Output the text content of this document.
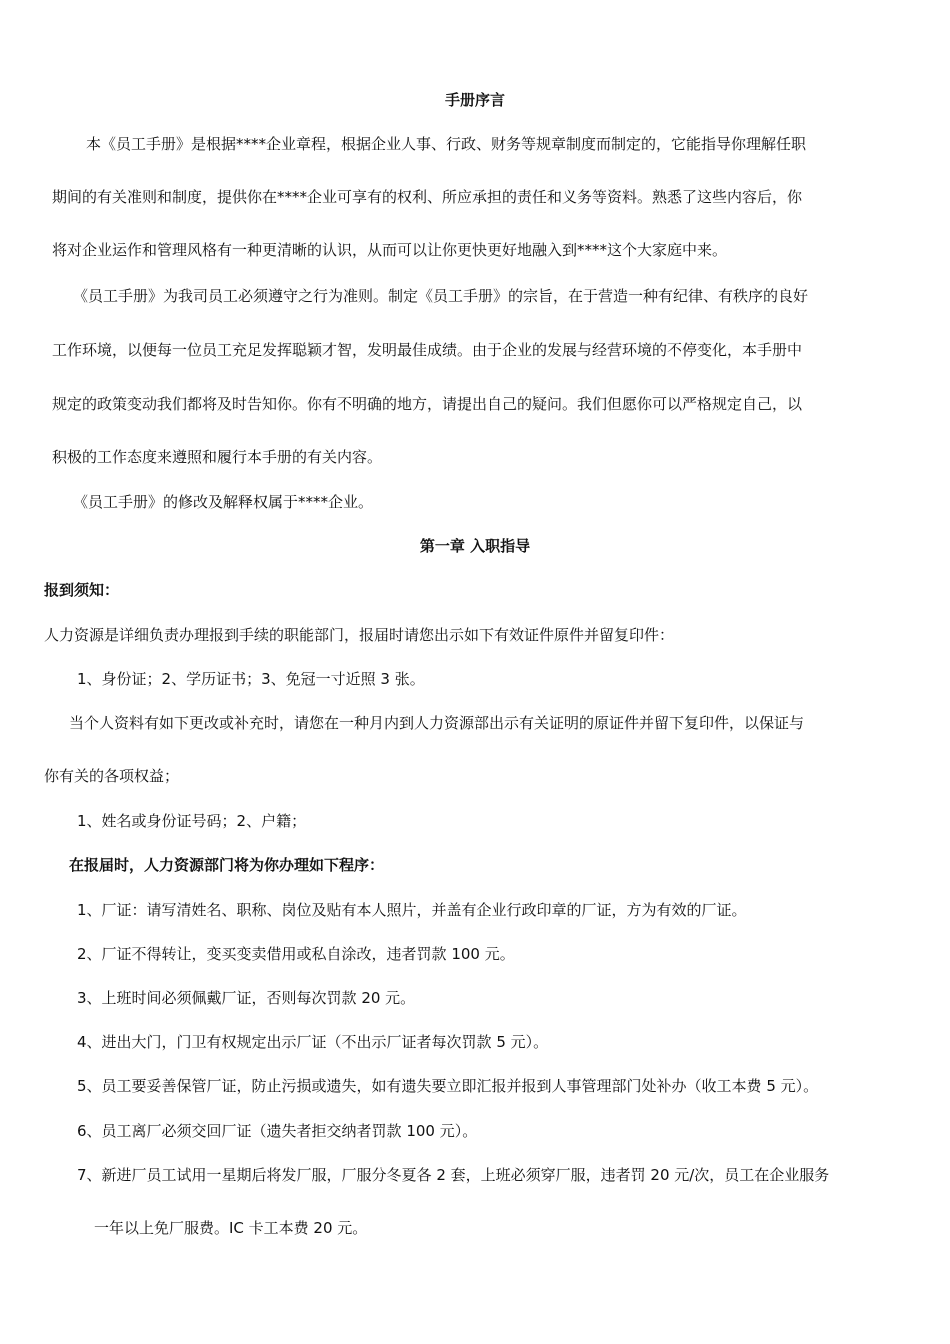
手册序言
本《员工手册》是根据****企业章程，根据企业人事、行政、财务等规章制度而制定的，它能指导你理解任职
期间的有关准则和制度，提供你在****企业可享有的权利、所应承担的责任和义务等资料。熟悉了这些内容后，你
将对企业运作和管理风格有一种更清晰的认识，从而可以让你更快更好地融入到****这个大家庭中来。
《员工手册》为我司员工必须遵守之行为准则。制定《员工手册》的宗旨，在于营造一种有纪律、有秩序的良好
工作环境，以便每一位员工充足发挥聪颖才智，发明最佳成绩。由于企业的发展与经营环境的不停变化，本手册中
规定的政策变动我们都将及时告知你。你有不明确的地方，请提出自己的疑问。我们但愿你可以严格规定自己，以
积极的工作态度来遵照和履行本手册的有关内容。
《员工手册》的修改及解释权属于****企业。
第一章 入职指导
报到须知：
人力资源是详细负责办理报到手续的职能部门，报届时请您出示如下有效证件原件并留复印件：
1、身份证；2、学历证书；3、免冠一寸近照 3 张。
当个人资料有如下更改或补充时，请您在一种月内到人力资源部出示有关证明的原证件并留下复印件，以保证与
你有关的各项权益；
1、姓名或身份证号码；2、户籍；
在报届时，人力资源部门将为你办理如下程序：
1、厂证：请写清姓名、职称、岗位及贴有本人照片，并盖有企业行政印章的厂证，方为有效的厂证。
2、厂证不得转让，变买变卖借用或私自涂改，违者罚款 100 元。
3、上班时间必须佩戴厂证，否则每次罚款 20 元。
4、进出大门，门卫有权规定出示厂证（不出示厂证者每次罚款 5 元）。
5、员工要妥善保管厂证，防止污损或遗失，如有遗失要立即汇报并报到人事管理部门处补办（收工本费 5 元）。
6、员工离厂必须交回厂证（遗失者拒交纳者罚款 100 元）。
7、新进厂员工试用一星期后将发厂服，厂服分冬夏各 2 套，上班必须穿厂服，违者罚 20 元/次，员工在企业服务
一年以上免厂服费。IC 卡工本费 20 元。
